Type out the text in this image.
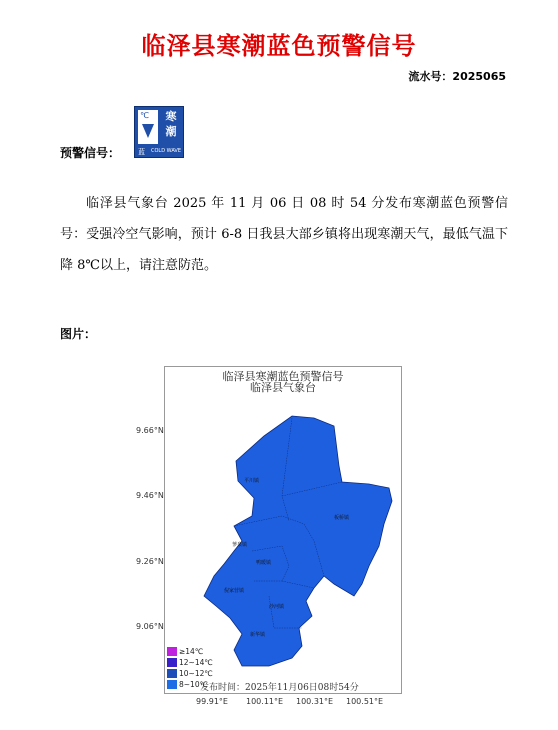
临泽县寒潮蓝色预警信号
流水号：2025065
预警信号：
℃	寒
潮
蓝 COLD WAVE

临泽县气象台 2025 年 11 月 06 日 08 时 54 分发布寒潮蓝色预警信号：受强冷空气影响，预计 6-8 日我县大部乡镇将出现寒潮天气，最低气温下降 8℃以上，请注意防范。

图片：
临泽县寒潮蓝色预警信号
临泽县气象台
9.66°N
9.46°N
9.26°N
9.06°N
99.91°E 100.11°E 100.31°E 100.51°E
平川镇
板桥镇
蓼泉镇
鸭暖镇
倪家营镇
沙河镇
新华镇
≥14℃
12~14℃
10~12℃
8~10℃
发布时间：2025年11月06日08时54分
